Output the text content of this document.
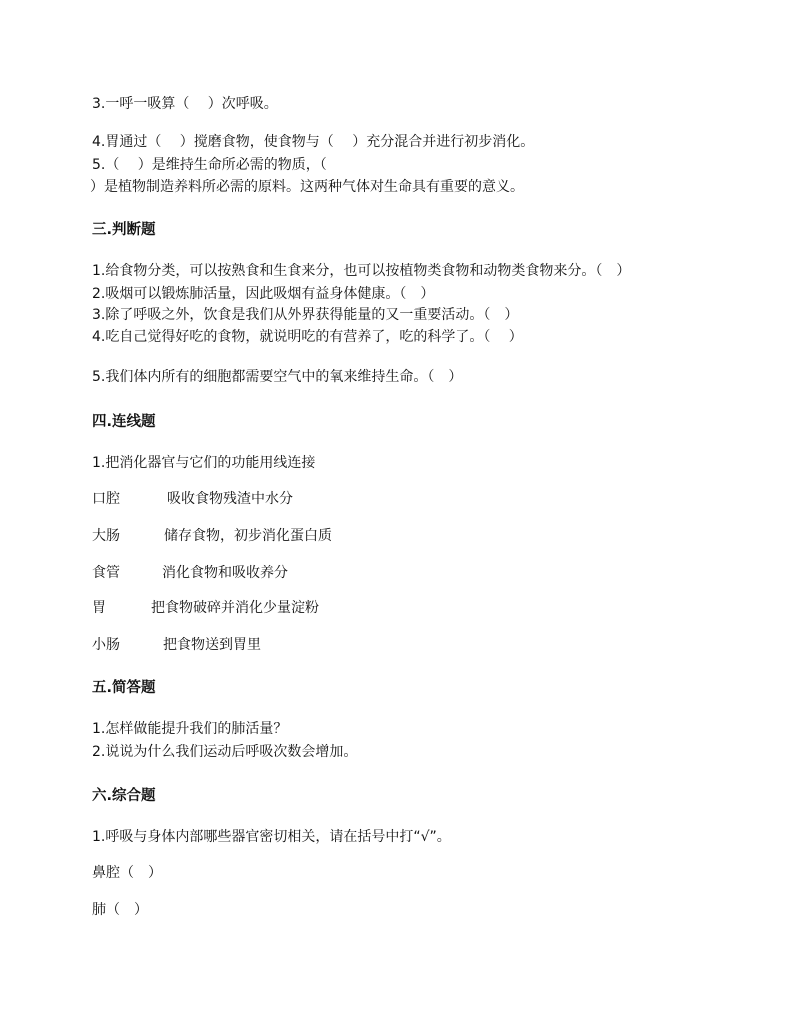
3.一呼一吸算（　 ）次呼吸。
4.胃通过（　 ）搅磨食物，使食物与（　 ）充分混合并进行初步消化。
5.（　 ）是维持生命所必需的物质，（
）是植物制造养料所必需的原料。这两种气体对生命具有重要的意义。
三.判断题
1.给食物分类，可以按熟食和生食来分，也可以按植物类食物和动物类食物来分。（　）
2.吸烟可以锻炼肺活量，因此吸烟有益身体健康。（　）
3.除了呼吸之外，饮食是我们从外界获得能量的又一重要活动。（　）
4.吃自己觉得好吃的食物，就说明吃的有营养了，吃的科学了。（　 ）
5.我们体内所有的细胞都需要空气中的氧来维持生命。（　）
四.连线题
1.把消化器官与它们的功能用线连接
口腔	吸收食物残渣中水分
大肠	储存食物，初步消化蛋白质
食管	消化食物和吸收养分
胃	把食物破碎并消化少量淀粉
小肠	把食物送到胃里
五.简答题
1.怎样做能提升我们的肺活量？
2.说说为什么我们运动后呼吸次数会增加。
六.综合题
1.呼吸与身体内部哪些器官密切相关，请在括号中打“√”。
鼻腔（　）
肺（　）
